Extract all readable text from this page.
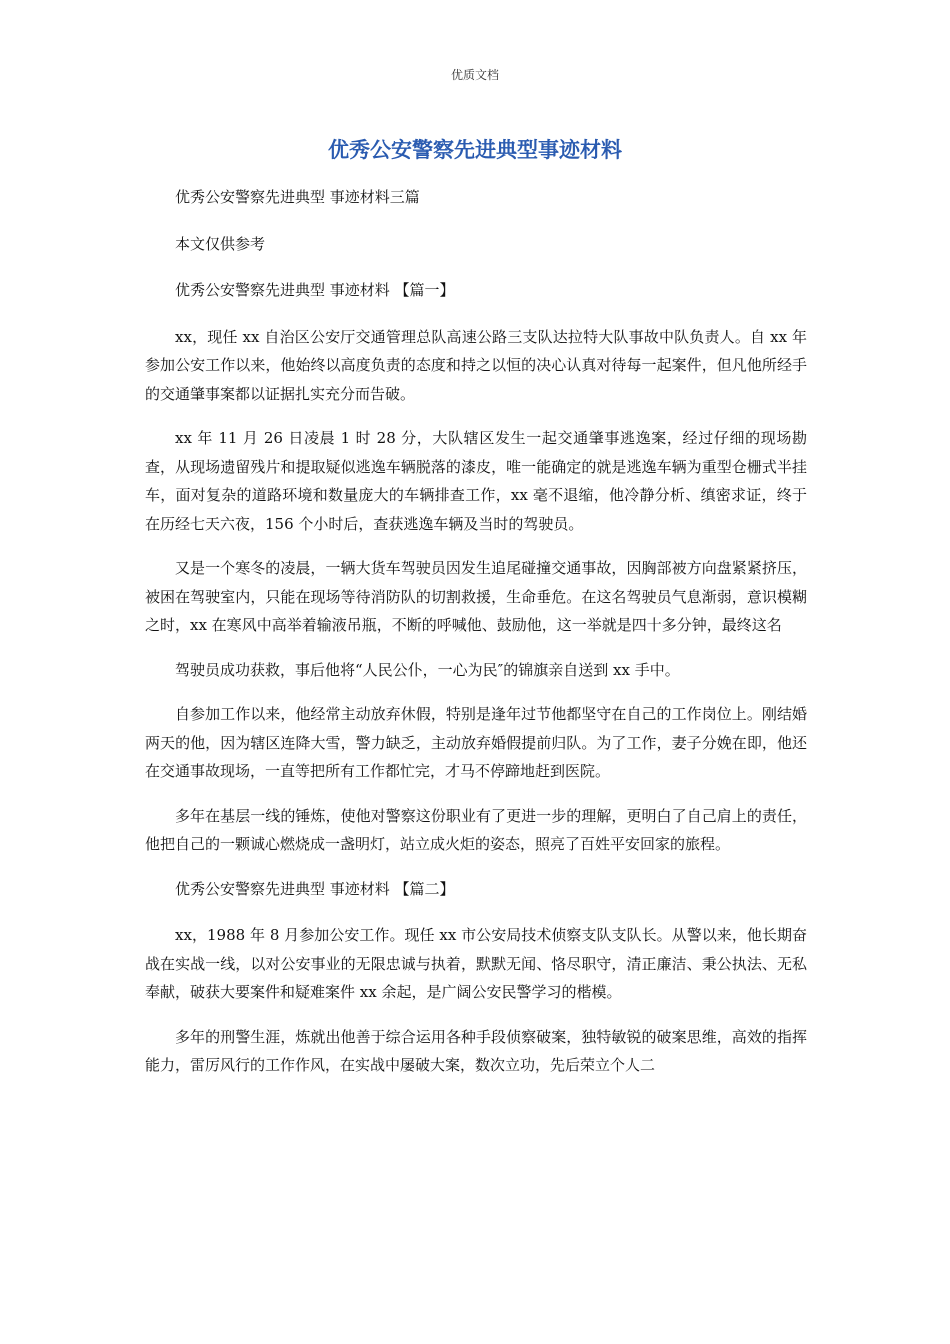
优质文档
优秀公安警察先进典型事迹材料

优秀公安警察先进典型 事迹材料三篇

本文仅供参考

优秀公安警察先进典型 事迹材料 【篇一】

xx，现任 xx 自治区公安厅交通管理总队高速公路三支队达拉特大队事故中队负责人。自 xx 年参加公安工作以来，他始终以高度负责的态度和持之以恒的决心认真对待每一起案件，但凡他所经手的交通肇事案都以证据扎实充分而告破。

xx 年 11 月 26 日凌晨 1 时 28 分，大队辖区发生一起交通肇事逃逸案，经过仔细的现场勘查，从现场遗留残片和提取疑似逃逸车辆脱落的漆皮，唯一能确定的就是逃逸车辆为重型仓栅式半挂车，面对复杂的道路环境和数量庞大的车辆排查工作，xx 毫不退缩，他冷静分析、缜密求证，终于在历经七天六夜，156 个小时后，查获逃逸车辆及当时的驾驶员。

又是一个寒冬的凌晨，一辆大货车驾驶员因发生追尾碰撞交通事故，因胸部被方向盘紧紧挤压，被困在驾驶室内，只能在现场等待消防队的切割救援，生命垂危。在这名驾驶员气息渐弱，意识模糊之时，xx 在寒风中高举着输液吊瓶，不断的呼喊他、鼓励他，这一举就是四十多分钟，最终这名

驾驶员成功获救，事后他将“人民公仆，一心为民″的锦旗亲自送到 xx 手中。

自参加工作以来，他经常主动放弃休假，特别是逢年过节他都坚守在自己的工作岗位上。刚结婚两天的他，因为辖区连降大雪，警力缺乏，主动放弃婚假提前归队。为了工作，妻子分娩在即，他还在交通事故现场，一直等把所有工作都忙完，才马不停蹄地赶到医院。

多年在基层一线的锤炼，使他对警察这份职业有了更进一步的理解，更明白了自己肩上的责任，他把自己的一颗诚心燃烧成一盏明灯，站立成火炬的姿态，照亮了百姓平安回家的旅程。

优秀公安警察先进典型 事迹材料 【篇二】

xx，1988 年 8 月参加公安工作。现任 xx 市公安局技术侦察支队支队长。从警以来，他长期奋战在实战一线，以对公安事业的无限忠诚与执着，默默无闻、恪尽职守，清正廉洁、秉公执法、无私奉献，破获大要案件和疑难案件 xx 余起，是广阔公安民警学习的楷模。

多年的刑警生涯，炼就出他善于综合运用各种手段侦察破案，独特敏锐的破案思维，高效的指挥能力，雷厉风行的工作作风，在实战中屡破大案，数次立功，先后荣立个人二
